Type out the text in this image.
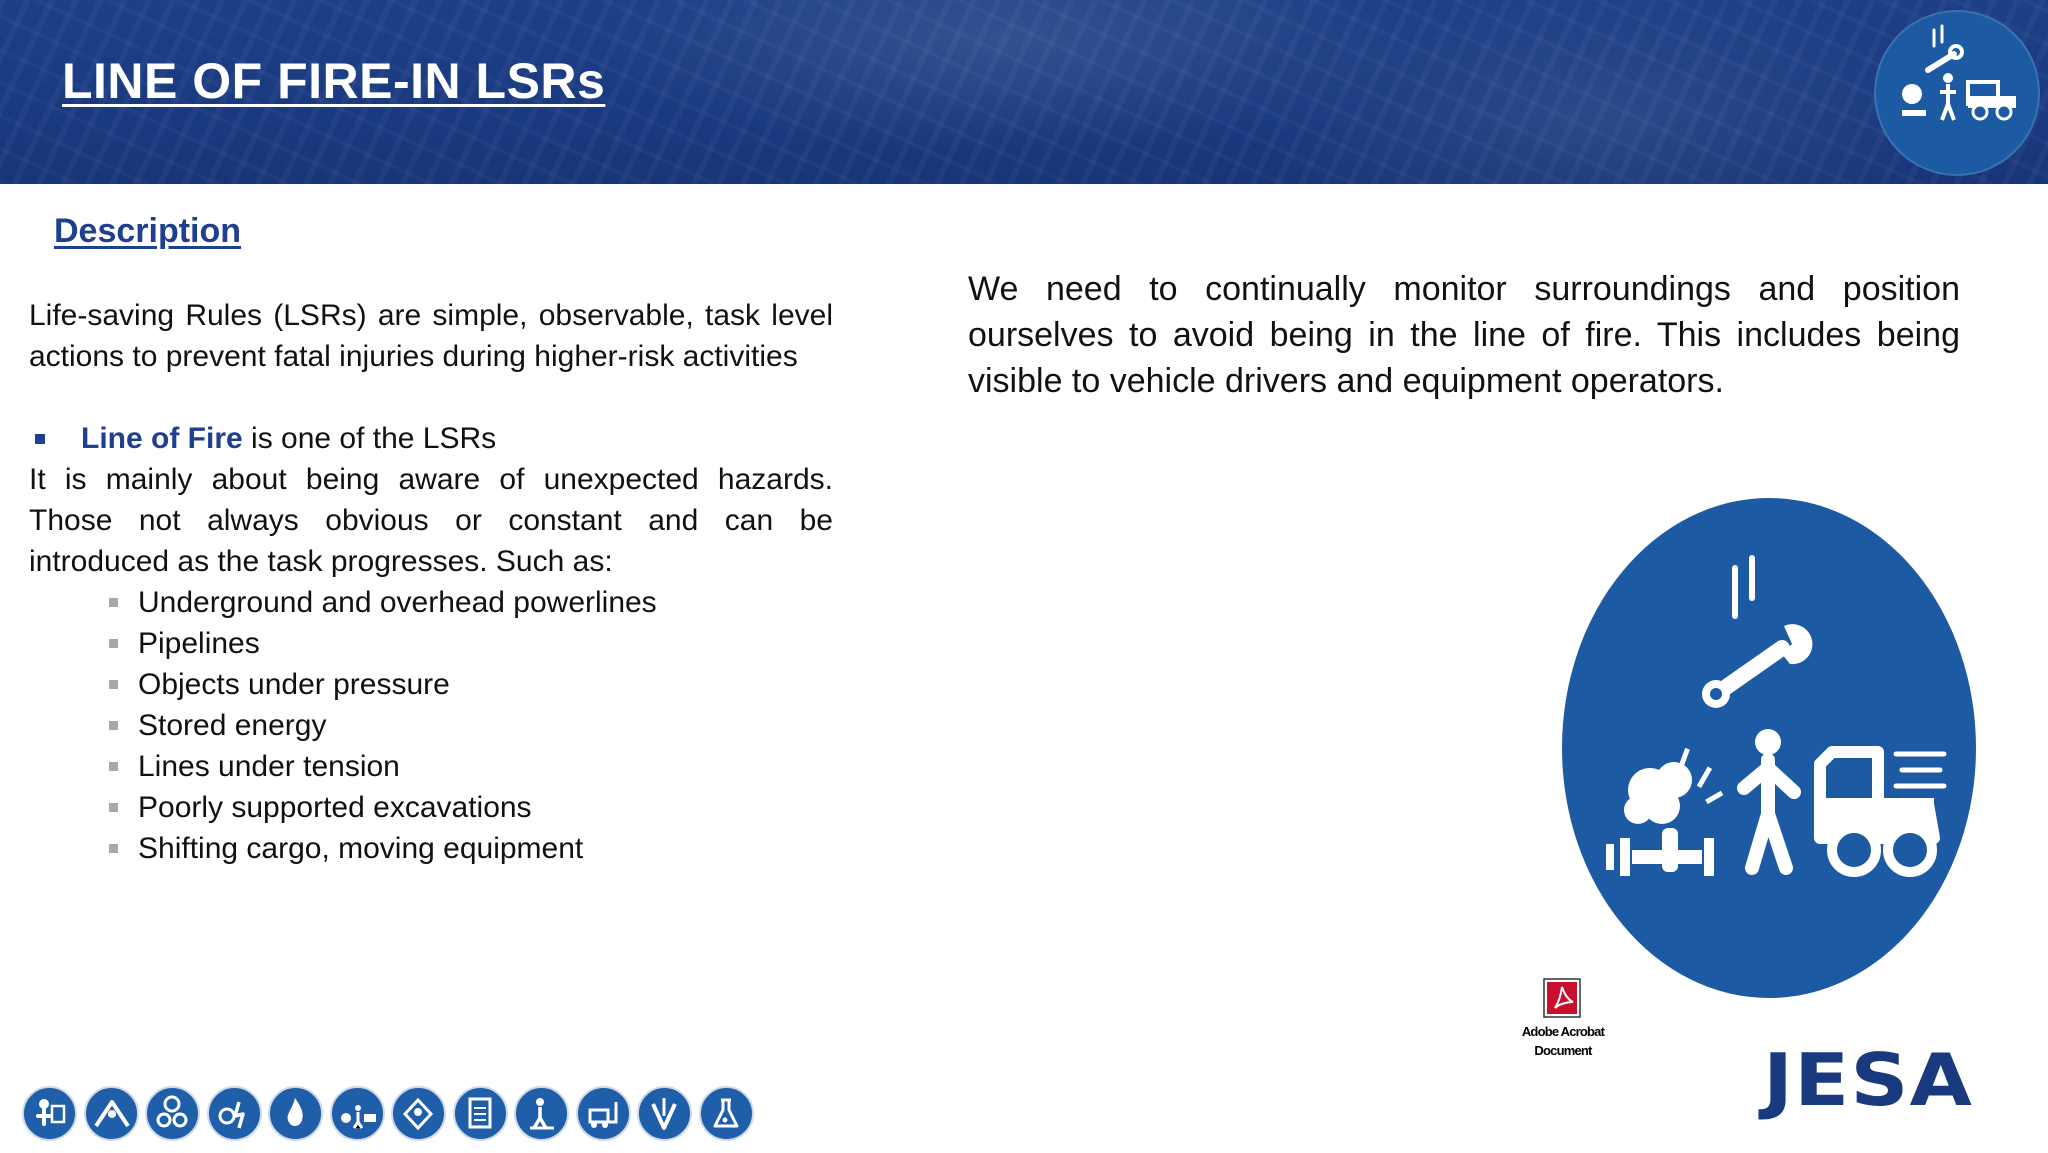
LINE OF FIRE-IN LSRs
Description
Life-saving Rules (LSRs) are simple, observable, task level actions to prevent fatal injuries during higher-risk activities
Line of Fire is one of the LSRs
It is mainly about being aware of unexpected hazards. Those not always obvious or constant and can be introduced as the task progresses. Such as:
Underground and overhead powerlines
Pipelines
Objects under pressure
Stored energy
Lines under tension
Poorly supported excavations
Shifting cargo, moving equipment
We need to continually monitor surroundings and position ourselves to avoid being in the line of fire. This includes being visible to vehicle drivers and equipment operators.
Adobe Acrobat
Document	JESA
